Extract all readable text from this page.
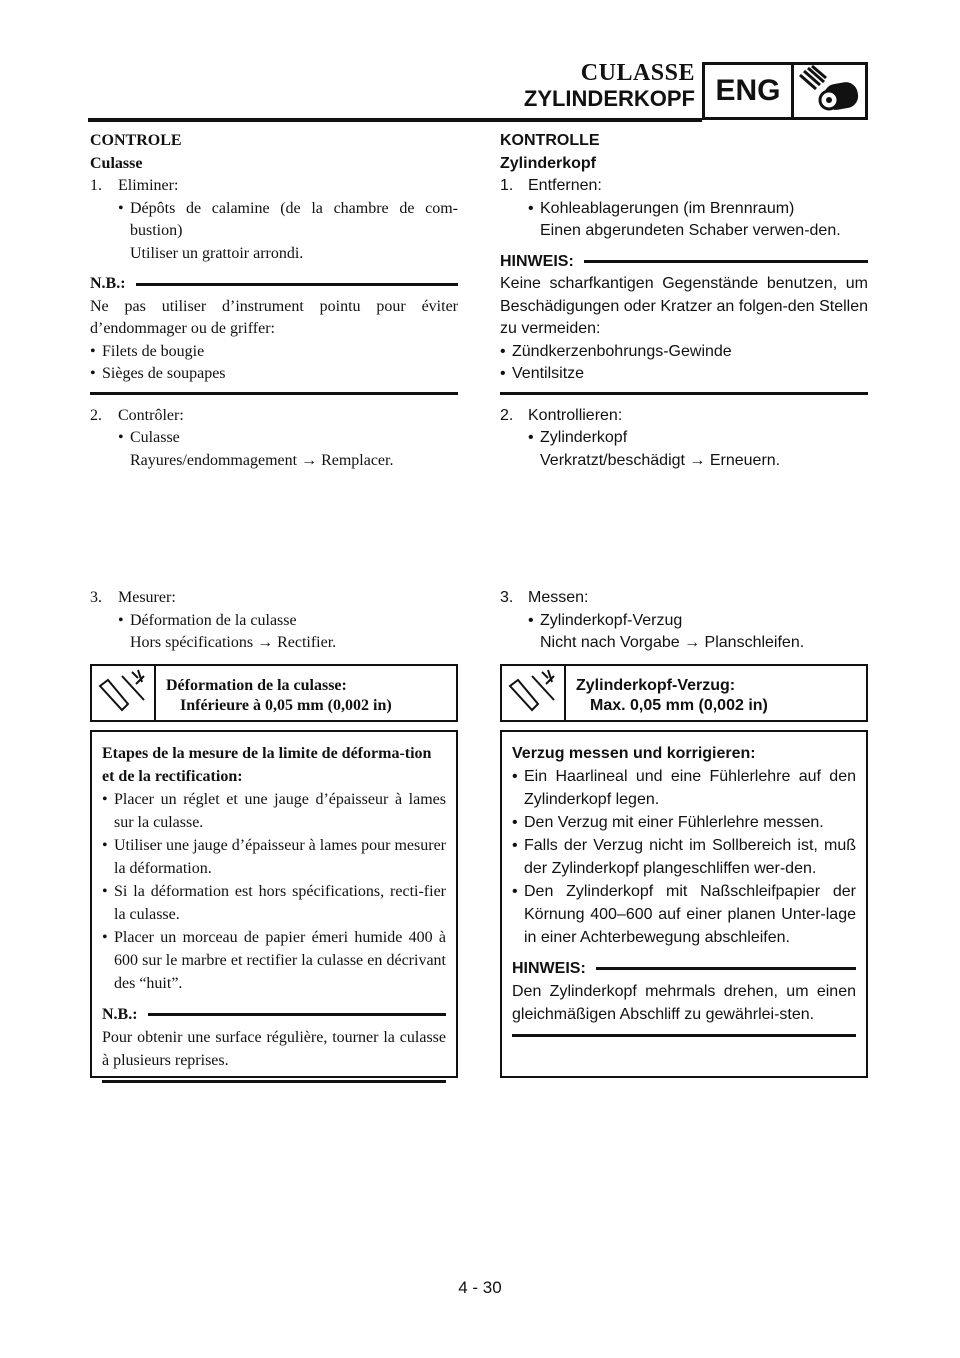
CULASSE
ZYLINDERKOPF ENG

CONTROLE

Culasse

1.	Eliminer:
• Dépôts de calamine (de la chambre de com-bustion)

Utiliser un grattoir arrondi.

N.B.:

Ne pas utiliser d’instrument pointu pour éviter d’endommager ou de griffer:

• Filets de bougie
• Sièges de soupapes
2.	Contrôler:
• Culasse

Rayures/endommagement → Remplacer.

3.	Mesurer:
• Déformation de la culasse

Hors spécifications → Rectifier.

Déformation de la culasse:
Inférieure à 0,05 mm (0,002 in)
Etapes de la mesure de la limite de déforma-tion et de la rectification:
• Placer un réglet et une jauge d’épaisseur à lames sur la culasse.
• Utiliser une jauge d’épaisseur à lames pour mesurer la déformation.
• Si la déformation est hors spécifications, recti-fier la culasse.
• Placer un morceau de papier émeri humide 400 à 600 sur le marbre et rectifier la culasse en décrivant des “huit”.
N.B.:

Pour obtenir une surface régulière, tourner la culasse à plusieurs reprises.

KONTROLLE

Zylinderkopf

1. Entfernen:
• Kohleablagerungen (im Brennraum)

Einen abgerundeten Schaber verwen-den.

HINWEIS:

Keine scharfkantigen Gegenstände benutzen, um Beschädigungen oder Kratzer an folgen-den Stellen zu vermeiden:

• Zündkerzenbohrungs-Gewinde
• Ventilsitze
2. Kontrollieren:
• Zylinderkopf

Verkratzt/beschädigt → Erneuern.

3. Messen:
• Zylinderkopf-Verzug

Nicht nach Vorgabe → Planschleifen.

Zylinderkopf-Verzug:
Max. 0,05 mm (0,002 in)
Verzug messen und korrigieren:
• Ein Haarlineal und eine Fühlerlehre auf den Zylinderkopf legen.
• Den Verzug mit einer Fühlerlehre messen.
• Falls der Verzug nicht im Sollbereich ist, muß der Zylinderkopf plangeschliffen wer-den.
• Den Zylinderkopf mit Naßschleifpapier der Körnung 400–600 auf einer planen Unter-lage in einer Achterbewegung abschleifen.
HINWEIS:

Den Zylinderkopf mehrmals drehen, um einen gleichmäßigen Abschliff zu gewährlei-sten.

4 - 30
